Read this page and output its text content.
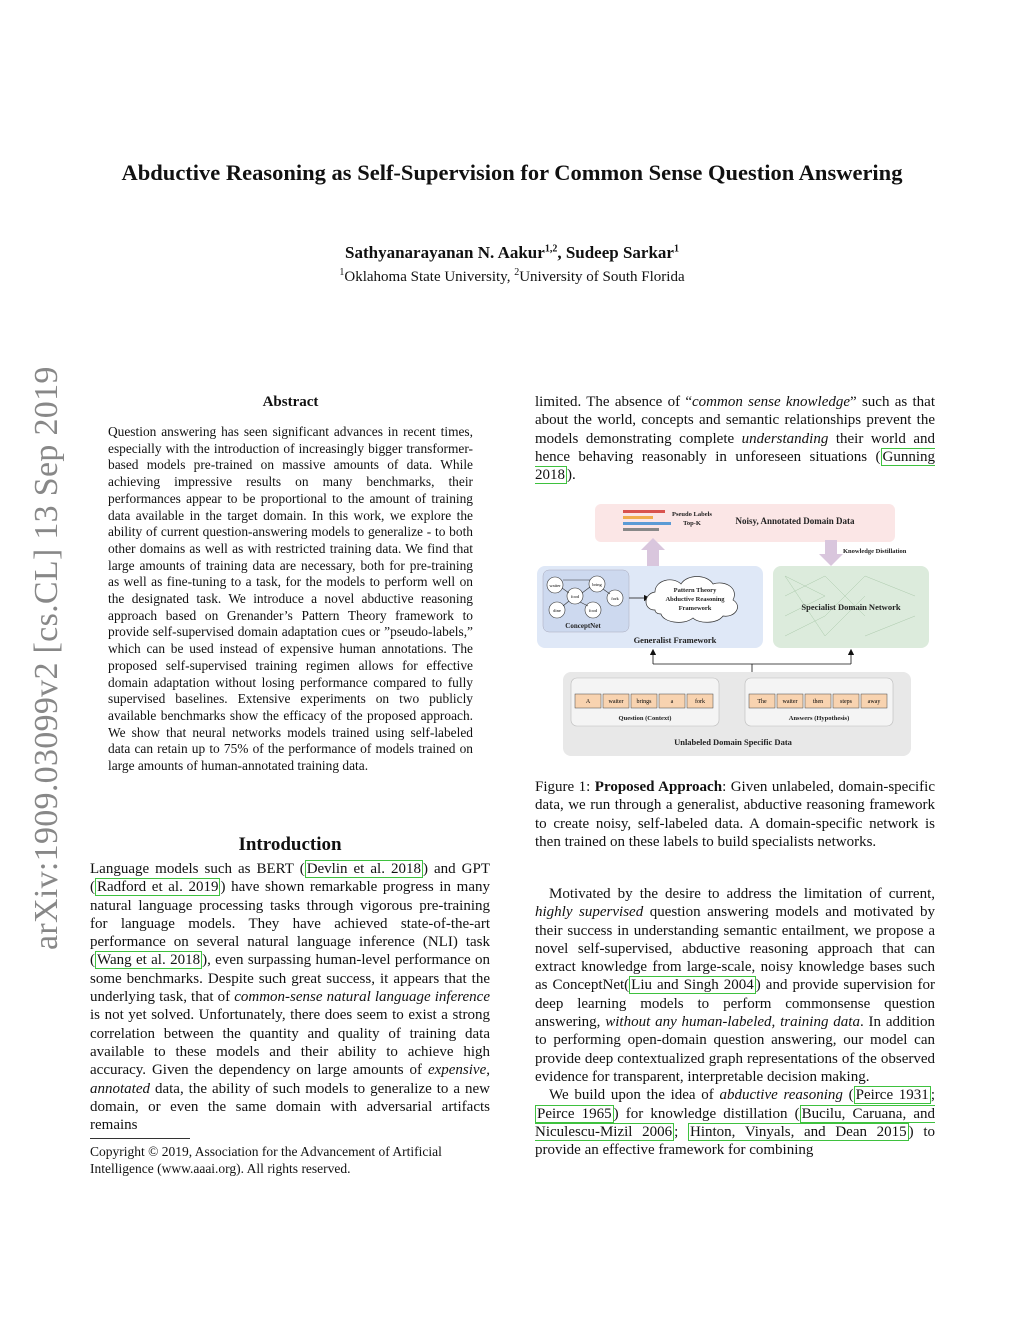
Abductive Reasoning as Self-Supervision for Common Sense Question Answering
Sathyanarayanan N. Aakur$^{1,2}$, Sudeep Sarkar$^1$
$^1$Oklahoma State University, $^2$University of South Florida
arXiv:1909.03099v2 [cs.CL] 13 Sep 2019	Abstract
Question answering has seen significant advances in recent times, especially with the introduction of increasingly bigger transformer-based models pre-trained on massive amounts of data. While achieving impressive results on many benchmarks, their performances appear to be proportional to the amount of training data available in the target domain. In this work, we explore the ability of current question-answering models to generalize - to both other domains as well as with restricted training data. We find that large amounts of training data are necessary, both for pre-training as well as fine-tuning to a task, for the models to perform well on the designated task. We introduce a novel abductive reasoning approach based on Grenander’s Pattern Theory framework to provide self-supervised domain adaptation cues or ”pseudo-labels,” which can be used instead of expensive human annotations. The proposed self-supervised training regimen allows for effective domain adaptation without losing performance compared to fully supervised baselines. Extensive experiments on two publicly available benchmarks show the efficacy of the proposed approach. We show that neural networks models trained using self-labeled data can retain up to 75% of the performance of models trained on large amounts of human-annotated training data.
Introduction
Language models such as BERT ( Devlin et al. 2018 ) and GPT ( Radford et al. 2019 ) have shown remarkable progress in many natural language processing tasks through vigorous pre-training for language models. They have achieved state-of-the-art performance on several natural language inference (NLI) task ( Wang et al. 2018 ), even surpassing human-level performance on some benchmarks. Despite such great success, it appears that the underlying task, that of common-sense natural language inference is not yet solved. Unfortunately, there does seem to exist a strong correlation between the quantity and quality of training data available to these models and their ability to achieve high accuracy. Given the dependency on large amounts of expensive, annotated data, the ability of such models to generalize to a new domain, or even the same domain with adversarial artifacts remains
Copyright © 2019, Association for the Advancement of Artificial Intelligence (www.aaai.org). All rights reserved.
limited. The absence of “common sense knowledge” such as that about the world, concepts and semantic relationships prevent the models demonstrating complete understanding their world and hence behaving reasonably in unforeseen situations ( Gunning 2018 ).
Pseudo Labels
Top-K	Noisy, Annotated Domain Data
Knowledge Distillation
waiter
food
bring
fork
dine	food
ConceptNet
Pattern Theory
Abductive Reasoning
Framework
Generalist Framework
Specialist Domain Network
A	waiter brings	a	fork	The	waiter	then	steps	away
Question (Context)	Answers (Hypothesis)
Unlabeled Domain Specific Data
Figure 1: Proposed Approach: Given unlabeled, domain-specific data, we run through a generalist, abductive reasoning framework to create noisy, self-labeled data. A domain-specific network is then trained on these labels to build specialists networks.

Motivated by the desire to address the limitation of current, highly supervised question answering models and motivated by their success in understanding semantic entailment, we propose a novel self-supervised, abductive reasoning approach that can extract knowledge from large-scale, noisy knowledge bases such as ConceptNet( Liu and Singh 2004 ) and provide supervision for deep learning models to perform commonsense question answering, without any human-labeled, training data. In addition to performing open-domain question answering, our model can provide deep contextualized graph representations of the observed evidence for transparent, interpretable decision making.

We build upon the idea of abductive reasoning ( Peirce 1931 ; Peirce 1965 ) for knowledge distillation ( Bucilu, Caruana, and Niculescu-Mizil 2006 ; Hinton, Vinyals, and Dean 2015 ) to provide an effective framework for combining
